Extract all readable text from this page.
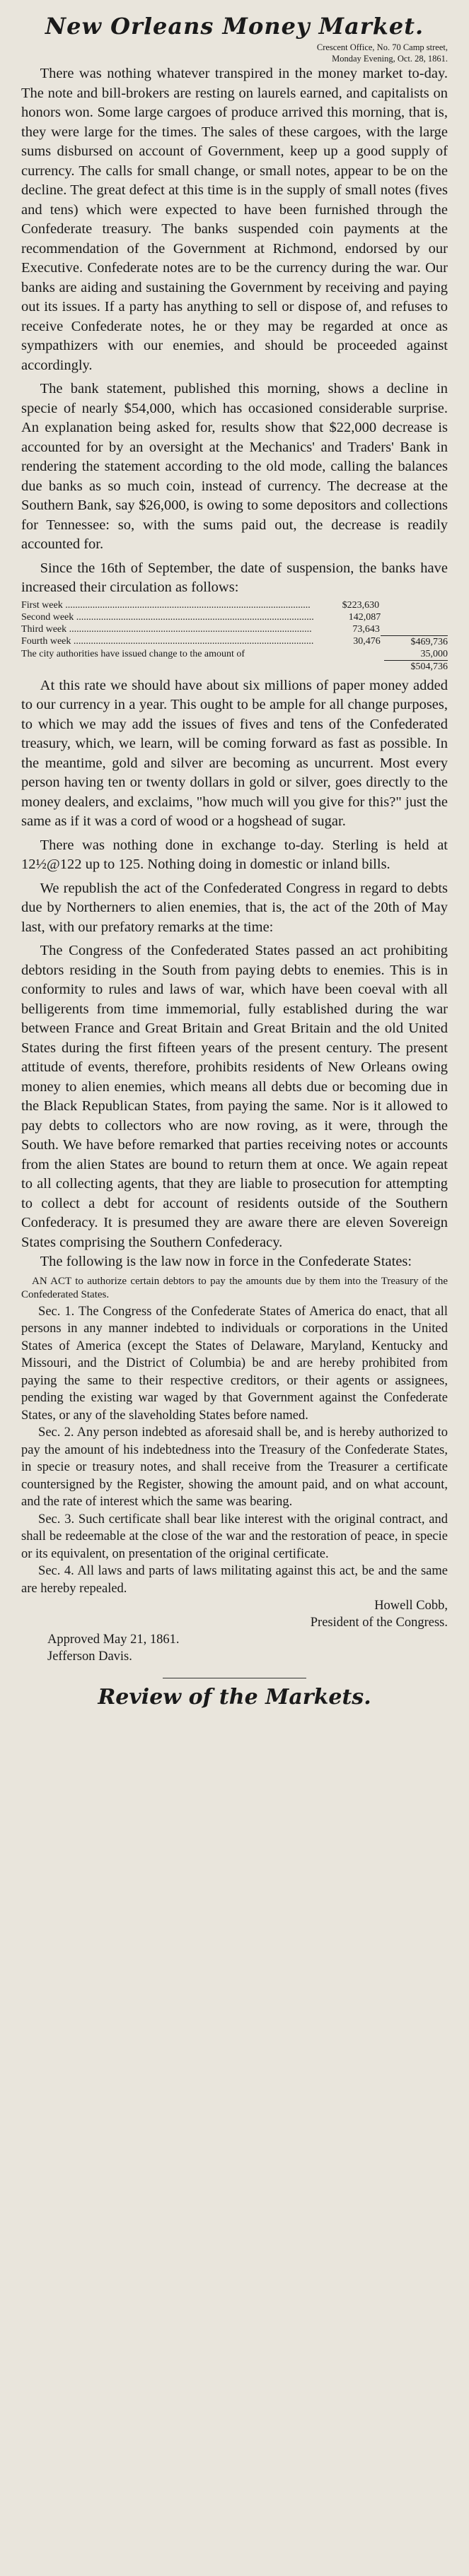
New Orleans Money Market.
Crescent Office, No. 70 Camp street,
Monday Evening, Oct. 28, 1861.

There was nothing whatever transpired in the money market to-day. The note and bill-brokers are resting on laurels earned, and capitalists on honors won. Some large cargoes of produce arrived this morning, that is, they were large for the times. The sales of these cargoes, with the large sums disbursed on account of Government, keep up a good supply of currency. The calls for small change, or small notes, appear to be on the decline. The great defect at this time is in the supply of small notes (fives and tens) which were expected to have been furnished through the Confederate treasury. The banks suspended coin payments at the recommendation of the Government at Richmond, endorsed by our Executive. Confederate notes are to be the currency during the war. Our banks are aiding and sustaining the Government by receiving and paying out its issues. If a party has anything to sell or dispose of, and refuses to receive Confederate notes, he or they may be regarded at once as sympathizers with our enemies, and should be proceeded against accordingly.

The bank statement, published this morning, shows a decline in specie of nearly $54,000, which has occasioned considerable surprise. An explanation being asked for, results show that $22,000 decrease is accounted for by an oversight at the Mechanics' and Traders' Bank in rendering the statement according to the old mode, calling the balances due banks as so much coin, instead of currency. The decrease at the Southern Bank, say $26,000, is owing to some depositors and collections for Tennessee: so, with the sums paid out, the decrease is readily accounted for.

Since the 16th of September, the date of suspension, the banks have increased their circulation as follows:

First week .....	$223,630
Second week .....	142,087
Third week .....	73,643
Fourth week .....	30,476	$469,736
The city authorities have issued change to the amount of	35,000
$504,736

At this rate we should have about six millions of paper money added to our currency in a year. This ought to be ample for all change purposes, to which we may add the issues of fives and tens of the Confederated treasury, which, we learn, will be coming forward as fast as possible. In the meantime, gold and silver are becoming as uncurrent. Most every person having ten or twenty dollars in gold or silver, goes directly to the money dealers, and exclaims, "how much will you give for this?" just the same as if it was a cord of wood or a hogshead of sugar.

There was nothing done in exchange to-day. Sterling is held at 12½@122 up to 125. Nothing doing in domestic or inland bills.

We republish the act of the Confederated Congress in regard to debts due by Northerners to alien enemies, that is, the act of the 20th of May last, with our prefatory remarks at the time:

The Congress of the Confederated States passed an act prohibiting debtors residing in the South from paying debts to enemies. This is in conformity to rules and laws of war, which have been coeval with all belligerents from time immemorial, fully established during the war between France and Great Britain and Great Britain and the old United States during the first fifteen years of the present century. The present attitude of events, therefore, prohibits residents of New Orleans owing money to alien enemies, which means all debts due or becoming due in the Black Republican States, from paying the same. Nor is it allowed to pay debts to collectors who are now roving, as it were, through the South. We have before remarked that parties receiving notes or accounts from the alien States are bound to return them at once. We again repeat to all collecting agents, that they are liable to prosecution for attempting to collect a debt for account of residents outside of the Southern Confederacy. It is presumed they are aware there are eleven Sovereign States comprising the Southern Confederacy.

The following is the law now in force in the Confederate States:

AN ACT to authorize certain debtors to pay the amounts due by them into the Treasury of the Confederated States.

Sec. 1. The Congress of the Confederate States of America do enact, that all persons in any manner indebted to individuals or corporations in the United States of America (except the States of Delaware, Maryland, Kentucky and Missouri, and the District of Columbia) be and are hereby prohibited from paying the same to their respective creditors, or their agents or assignees, pending the existing war waged by that Government against the Confederate States, or any of the slaveholding States before named.

Sec. 2. Any person indebted as aforesaid shall be, and is hereby authorized to pay the amount of his indebtedness into the Treasury of the Confederate States, in specie or treasury notes, and shall receive from the Treasurer a certificate countersigned by the Register, showing the amount paid, and on what account, and the rate of interest which the same was bearing.

Sec. 3. Such certificate shall bear like interest with the original contract, and shall be redeemable at the close of the war and the restoration of peace, in specie or its equivalent, on presentation of the original certificate.

Sec. 4. All laws and parts of laws militating against this act, be and the same are hereby repealed.

Howell Cobb,
President of the Congress.
Approved May 21, 1861.
Jefferson Davis.
Review of the Markets.
